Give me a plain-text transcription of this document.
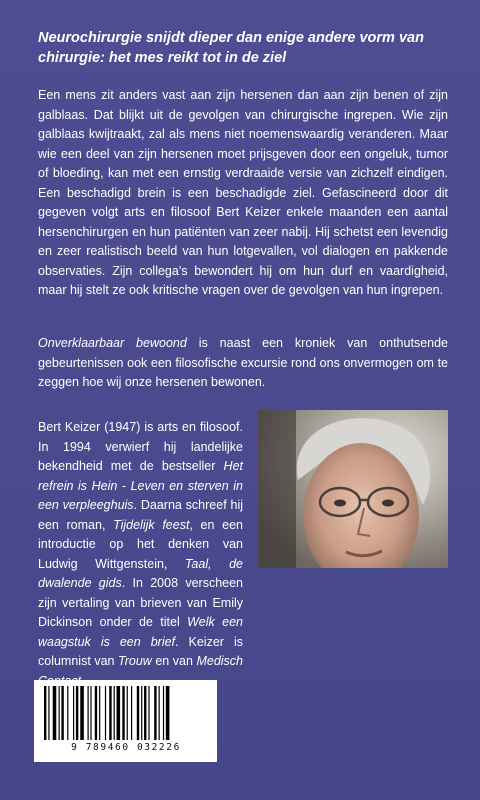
Neurochirurgie snijdt dieper dan enige andere vorm van
chirurgie: het mes reikt tot in de ziel

Een mens zit anders vast aan zijn hersenen dan aan zijn benen of zijn galblaas. Dat blijkt uit de gevolgen van chirurgische ingrepen. Wie zijn galblaas kwijtraakt, zal als mens niet noemenswaardig veranderen. Maar wie een deel van zijn hersenen moet prijsgeven door een ongeluk, tumor of bloeding, kan met een ernstig verdraaide versie van zichzelf eindigen. Een beschadigd brein is een beschadigde ziel. Gefascineerd door dit gegeven volgt arts en filosoof Bert Keizer enkele maanden een aantal hersenchirurgen en hun patiënten van zeer nabij. Hij schetst een levendig en zeer realistisch beeld van hun lotgevallen, vol dialogen en pakkende observaties. Zijn collega's bewondert hij om hun durf en vaardigheid, maar hij stelt ze ook kritische vragen over de gevolgen van hun ingrepen.

Onverklaarbaar bewoond is naast een kroniek van onthutsende gebeurtenissen ook een filosofische excursie rond ons onvermogen om te zeggen hoe wij onze hersenen bewonen.

Bert Keizer (1947) is arts en filosoof. In 1994 verwierf hij landelijke bekendheid met de bestseller Het refrein is Hein - Leven en sterven in een verpleeghuis. Daarna schreef hij een roman, Tijdelijk feest, en een introductie op het denken van Ludwig Wittgenstein, Taal, de dwalende gids. In 2008 verscheen zijn vertaling van brieven van Emily Dickinson onder de titel Welk een waagstuk is een brief. Keizer is columnist van Trouw en van Medisch

9 789460 032226
